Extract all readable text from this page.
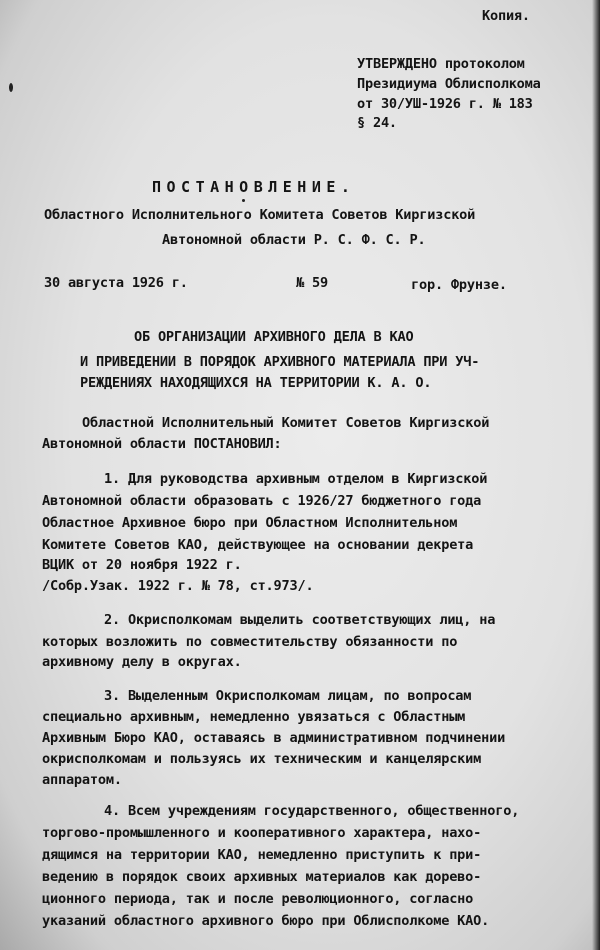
Копия.
УТВЕРЖДЕНО протоколом
Президиума Облисполкома
от 30/УШ-1926 г. № 183
§ 24.
ПОСТАНОВЛЕНИЕ.
Областного Исполнительного Комитета Советов Киргизской
Автономной области Р. С. Ф. С. Р.
30 августа 1926 г.	№ 59	гор. Фрунзе.
ОБ ОРГАНИЗАЦИИ АРХИВНОГО ДЕЛА В КАО
И ПРИВЕДЕНИИ В ПОРЯДОК АРХИВНОГО МАТЕРИАЛА ПРИ УЧ-
РЕЖДЕНИЯХ НАХОДЯЩИХСЯ НА ТЕРРИТОРИИ К. А. О.
Областной Исполнительный Комитет Советов Киргизской
Автономной области ПОСТАНОВИЛ:
1. Для руководства архивным отделом в Киргизской
Автономной области образовать с 1926/27 бюджетного года
Областное Архивное бюро при Областном Исполнительном
Комитете Советов КАО, действующее на основании декрета
ВЦИК от 20 ноября 1922 г.
/Собр.Узак. 1922 г. № 78, ст.973/.
2. Окрисполкомам выделить соответствующих лиц, на
которых возложить по совместительству обязанности по
архивному делу в округах.
3. Выделенным Окрисполкомам лицам, по вопросам
специально архивным, немедленно увязаться с Областным
Архивным Бюро КАО, оставаясь в административном подчинении
окрисполкомам и пользуясь их техническим и канцелярским
аппаратом.
4. Всем учреждениям государственного, общественного,
торгово-промышленного и кооперативного характера, нахо-
дящимся на территории КАО, немедленно приступить к при-
ведению в порядок своих архивных материалов как дорево-
ционного периода, так и после революционного, согласно
указаний областного архивного бюро при Облисполкоме КАО.
